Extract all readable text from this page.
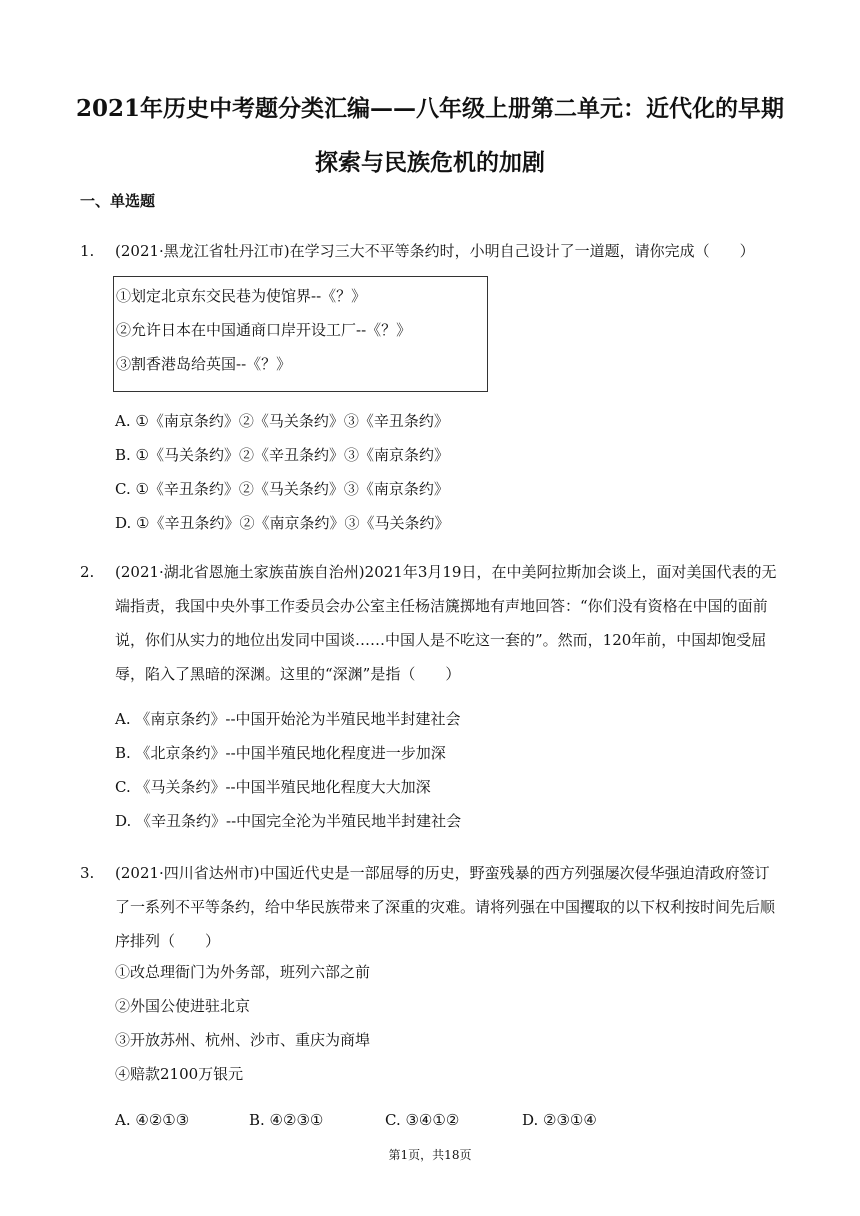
2021年历史中考题分类汇编——八年级上册第二单元：近代化的早期
探索与民族危机的加剧
一、单选题
1. (2021·黑龙江省牡丹江市)在学习三大不平等条约时，小明自己设计了一道题，请你完成（　　）
①划定北京东交民巷为使馆界--《？》
②允许日本在中国通商口岸开设工厂--《？》
③割香港岛给英国--《？》
A. ①《南京条约》②《马关条约》③《辛丑条约》
B. ①《马关条约》②《辛丑条约》③《南京条约》
C. ①《辛丑条约》②《马关条约》③《南京条约》
D. ①《辛丑条约》②《南京条约》③《马关条约》
2. (2021·湖北省恩施土家族苗族自治州)2021年3月19日，在中美阿拉斯加会谈上，面对美国代表的无端指责，我国中央外事工作委员会办公室主任杨洁篪掷地有声地回答：“你们没有资格在中国的面前说，你们从实力的地位出发同中国谈……中国人是不吃这一套的”。然而，120年前，中国却饱受屈辱，陷入了黑暗的深渊。这里的“深渊”是指（　　）
A. 《南京条约》--中国开始沦为半殖民地半封建社会
B. 《北京条约》--中国半殖民地化程度进一步加深
C. 《马关条约》--中国半殖民地化程度大大加深
D. 《辛丑条约》--中国完全沦为半殖民地半封建社会
3. (2021·四川省达州市)中国近代史是一部屈辱的历史，野蛮残暴的西方列强屡次侵华强迫清政府签订了一系列不平等条约，给中华民族带来了深重的灾难。请将列强在中国攫取的以下权利按时间先后顺序排列（　　）
①改总理衙门为外务部，班列六部之前
②外国公使进驻北京
③开放苏州、杭州、沙市、重庆为商埠
④赔款2100万银元
A. ④②①③	B. ④②③①	C. ③④①②	D. ②③①④
第1页，共18页
